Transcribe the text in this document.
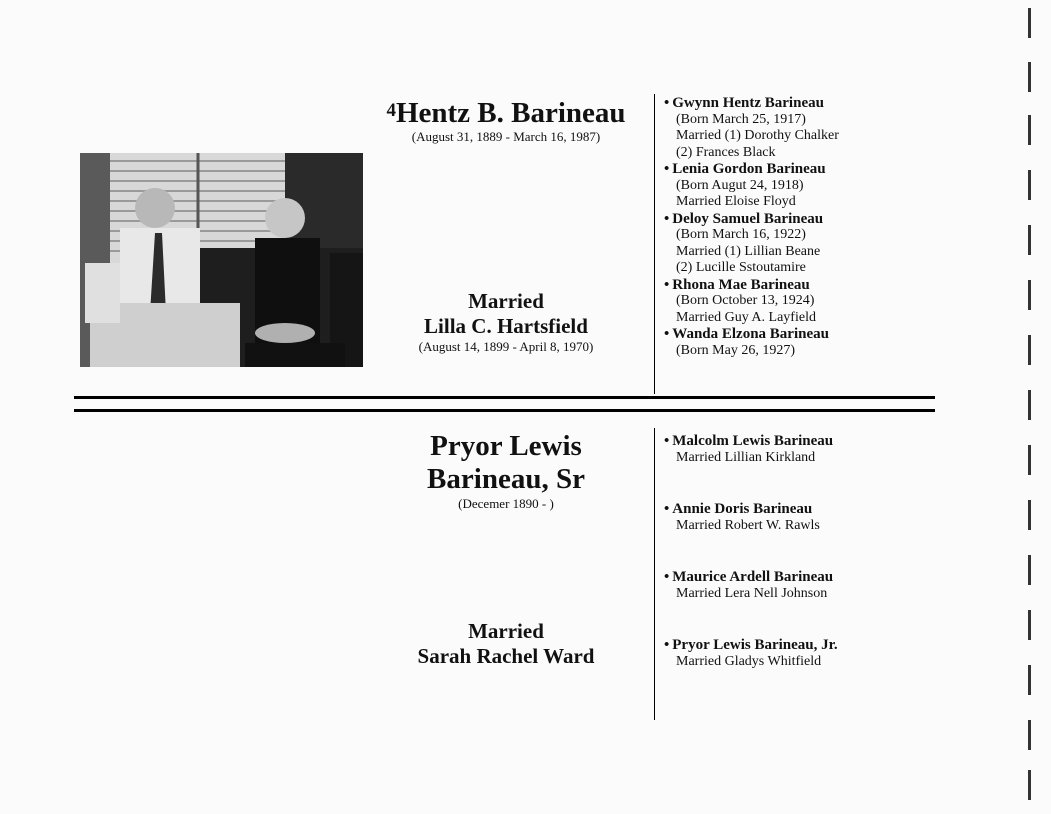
$^4$Hentz B. Barineau
(August 31, 1889 - March 16, 1987)
Married
Lilla C. Hartsfield
(August 14, 1899 - April 8, 1970)
• Gwynn Hentz Barineau
(Born March 25, 1917)
Married (1) Dorothy Chalker
(2) Frances Black
• Lenia Gordon Barineau
(Born Augut 24, 1918)
Married Eloise Floyd
• Deloy Samuel Barineau
(Born March 16, 1922)
Married (1) Lillian Beane
(2) Lucille Sstoutamire
• Rhona Mae Barineau
(Born October 13, 1924)
Married Guy A. Layfield
• Wanda Elzona Barineau
(Born May 26, 1927)
Pryor Lewis
Barineau, Sr
(Decemer 1890 - )
Married
Sarah Rachel Ward
• Malcolm Lewis Barineau
Married Lillian Kirkland
• Annie Doris Barineau
Married Robert W. Rawls
• Maurice Ardell Barineau
Married Lera Nell Johnson
• Pryor Lewis Barineau, Jr.
Married Gladys Whitfield
